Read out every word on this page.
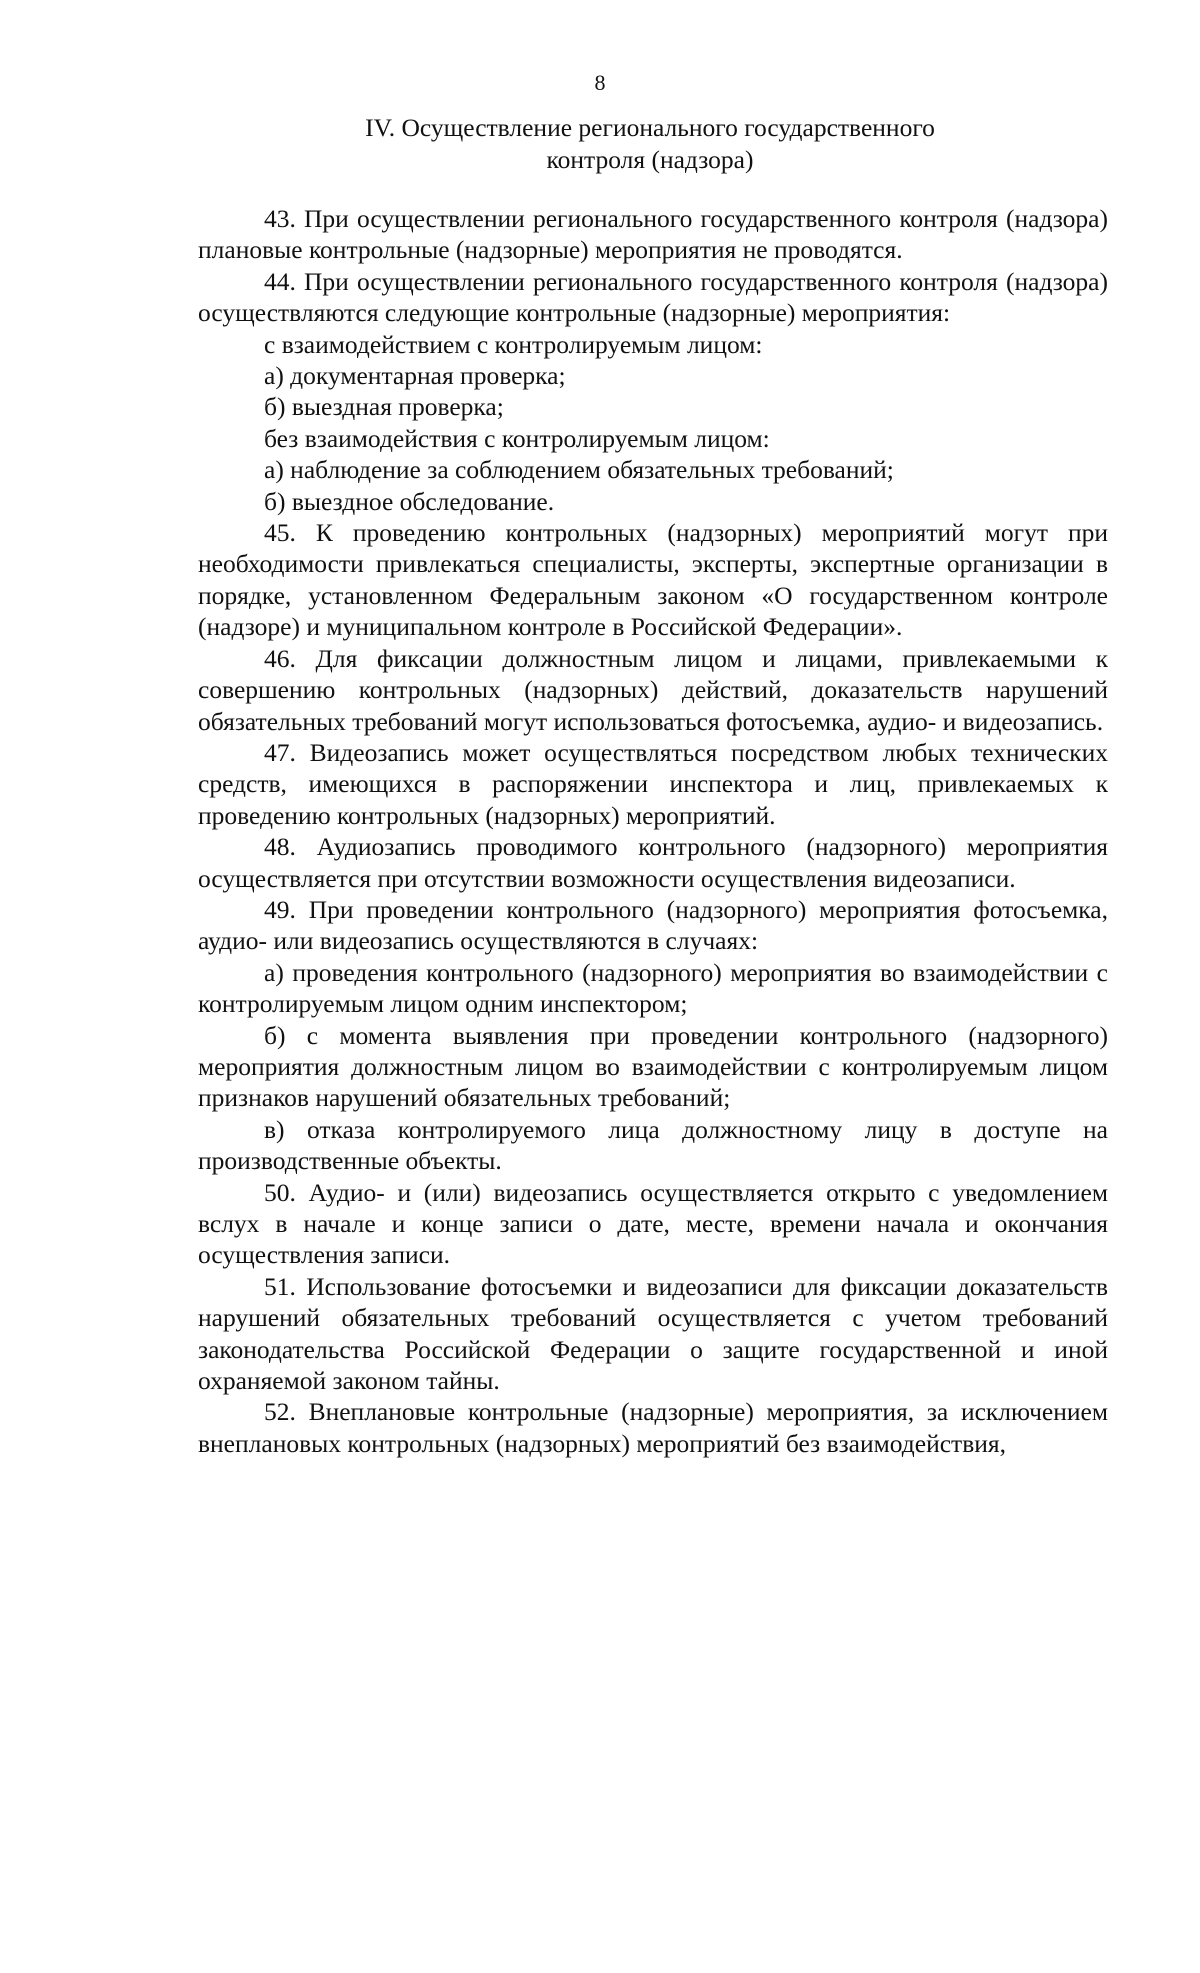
8
IV. Осуществление регионального государственного
контроля (надзора)

43. При осуществлении регионального государственного контроля (надзора) плановые контрольные (надзорные) мероприятия не проводятся.

44. При осуществлении регионального государственного контроля (надзора) осуществляются следующие контрольные (надзорные) мероприятия:

с взаимодействием с контролируемым лицом:

а) документарная проверка;

б) выездная проверка;

без взаимодействия с контролируемым лицом:

а) наблюдение за соблюдением обязательных требований;

б) выездное обследование.

45. К проведению контрольных (надзорных) мероприятий могут при необходимости привлекаться специалисты, эксперты, экспертные организации в порядке, установленном Федеральным законом «О государственном контроле (надзоре) и муниципальном контроле в Российской Федерации».

46. Для фиксации должностным лицом и лицами, привлекаемыми к совершению контрольных (надзорных) действий, доказательств нарушений обязательных требований могут использоваться фотосъемка, аудио- и видеозапись.

47. Видеозапись может осуществляться посредством любых технических средств, имеющихся в распоряжении инспектора и лиц, привлекаемых к проведению контрольных (надзорных) мероприятий.

48. Аудиозапись проводимого контрольного (надзорного) мероприятия осуществляется при отсутствии возможности осуществления видеозаписи.

49. При проведении контрольного (надзорного) мероприятия фотосъемка, аудио- или видеозапись осуществляются в случаях:

а) проведения контрольного (надзорного) мероприятия во взаимодействии с контролируемым лицом одним инспектором;

б) с момента выявления при проведении контрольного (надзорного) мероприятия должностным лицом во взаимодействии с контролируемым лицом признаков нарушений обязательных требований;

в) отказа контролируемого лица должностному лицу в доступе на производственные объекты.

50. Аудио- и (или) видеозапись осуществляется открыто с уведомлением вслух в начале и конце записи о дате, месте, времени начала и окончания осуществления записи.

51. Использование фотосъемки и видеозаписи для фиксации доказательств нарушений обязательных требований осуществляется с учетом требований законодательства Российской Федерации о защите государственной и иной охраняемой законом тайны.

52. Внеплановые контрольные (надзорные) мероприятия, за исключением внеплановых контрольных (надзорных) мероприятий без взаимодействия,
